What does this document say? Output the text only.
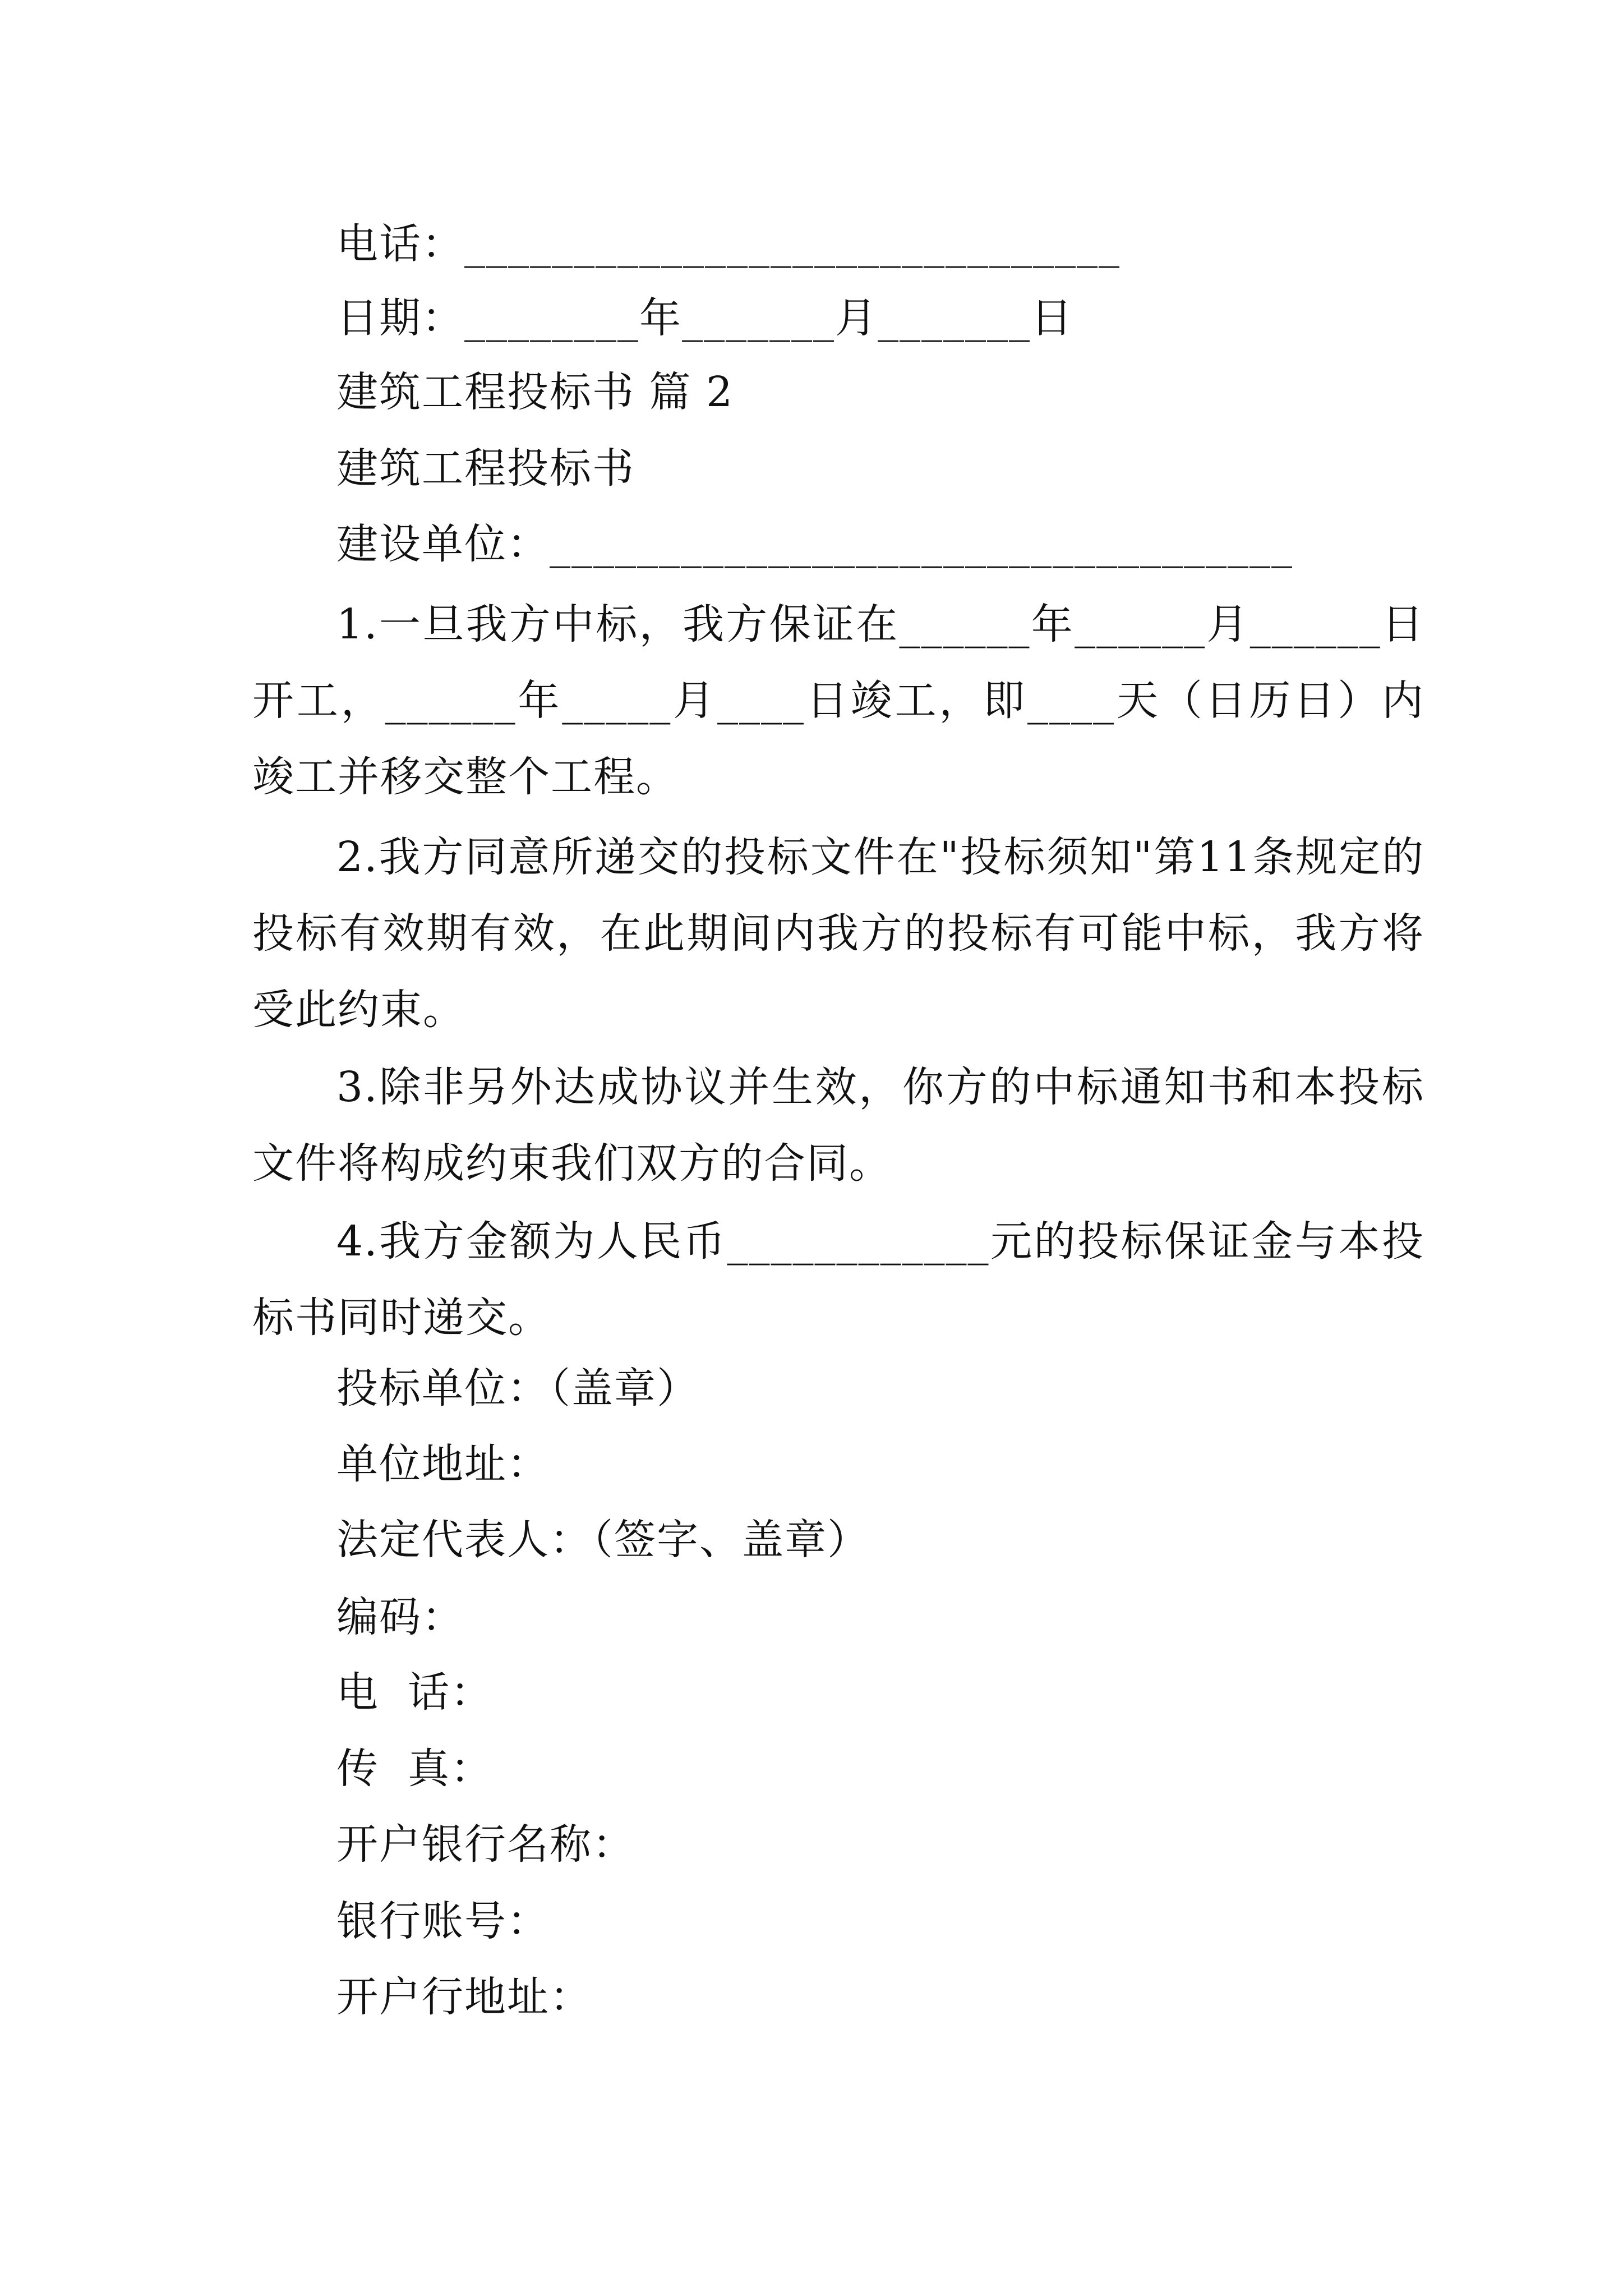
电话：______________________________
日期：________年_______月_______日
建筑工程投标书 篇 2
建筑工程投标书
建设单位：__________________________________
1.一旦我方中标，我方保证在______年______月______日开工，______年_____月____日竣工，即____天（日历日）内竣工并移交整个工程。
2.我方同意所递交的投标文件在"投标须知"第11条规定的投标有效期有效，在此期间内我方的投标有可能中标，我方将受此约束。
3.除非另外达成协议并生效，你方的中标通知书和本投标文件将构成约束我们双方的合同。
4.我方金额为人民币____________元的投标保证金与本投标书同时递交。
投标单位：（盖章）
单位地址：
法定代表人：（签字、盖章）
编码：
电  话：
传  真：
开户银行名称：
银行账号：
开户行地址：
